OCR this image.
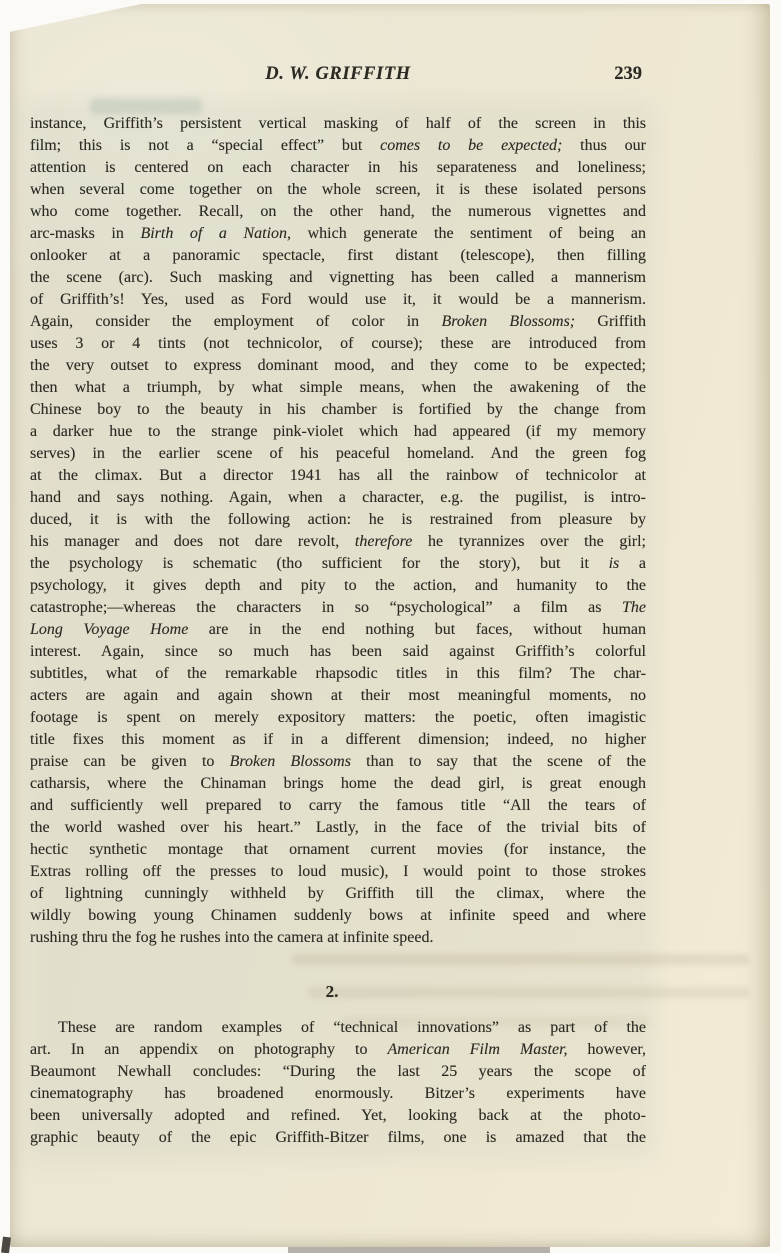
D. W. GRIFFITH	239
instance, Griffith’s persistent vertical masking of half of the screen in this
film; this is not a “special effect” but comes to be expected; thus our
attention is centered on each character in his separateness and loneliness;
when several come together on the whole screen, it is these isolated persons
who come together. Recall, on the other hand, the numerous vignettes and
arc-masks in Birth of a Nation, which generate the sentiment of being an
onlooker at a panoramic spectacle, first distant (telescope), then filling
the scene (arc). Such masking and vignetting has been called a mannerism
of Griffith’s! Yes, used as Ford would use it, it would be a mannerism.
Again, consider the employment of color in Broken Blossoms; Griffith
uses 3 or 4 tints (not technicolor, of course); these are introduced from
the very outset to express dominant mood, and they come to be expected;
then what a triumph, by what simple means, when the awakening of the
Chinese boy to the beauty in his chamber is fortified by the change from
a darker hue to the strange pink-violet which had appeared (if my memory
serves) in the earlier scene of his peaceful homeland. And the green fog
at the climax. But a director 1941 has all the rainbow of technicolor at
hand and says nothing. Again, when a character, e.g. the pugilist, is intro-
duced, it is with the following action: he is restrained from pleasure by
his manager and does not dare revolt, therefore he tyrannizes over the girl;
the psychology is schematic (tho sufficient for the story), but it is a
psychology, it gives depth and pity to the action, and humanity to the
catastrophe;—whereas the characters in so “psychological” a film as The
Long Voyage Home are in the end nothing but faces, without human
interest. Again, since so much has been said against Griffith’s colorful
subtitles, what of the remarkable rhapsodic titles in this film? The char-
acters are again and again shown at their most meaningful moments, no
footage is spent on merely expository matters: the poetic, often imagistic
title fixes this moment as if in a different dimension; indeed, no higher
praise can be given to Broken Blossoms than to say that the scene of the
catharsis, where the Chinaman brings home the dead girl, is great enough
and sufficiently well prepared to carry the famous title “All the tears of
the world washed over his heart.” Lastly, in the face of the trivial bits of
hectic synthetic montage that ornament current movies (for instance, the
Extras rolling off the presses to loud music), I would point to those strokes
of lightning cunningly withheld by Griffith till the climax, where the
wildly bowing young Chinamen suddenly bows at infinite speed and where
rushing thru the fog he rushes into the camera at infinite speed.
2.
These are random examples of “technical innovations” as part of the
art. In an appendix on photography to American Film Master, however,
Beaumont Newhall concludes: “During the last 25 years the scope of
cinematography has broadened enormously. Bitzer’s experiments have
been universally adopted and refined. Yet, looking back at the photo-
graphic beauty of the epic Griffith-Bitzer films, one is amazed that the
